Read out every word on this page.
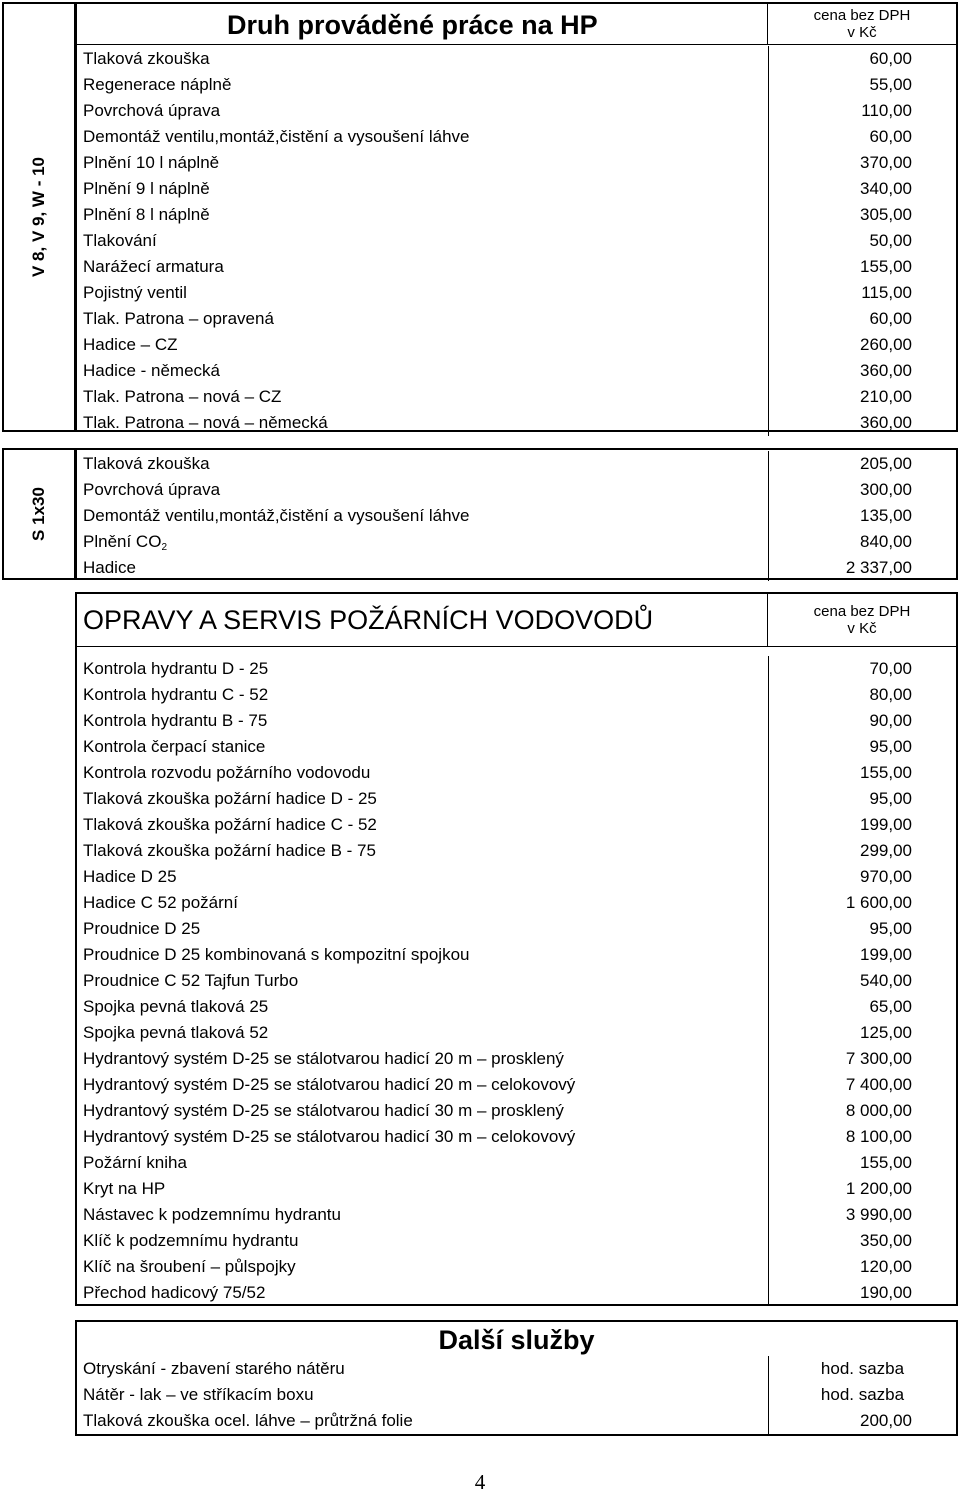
V 8, V 9, W - 10
Druh prováděné práce na HP	cena bez DPH
v Kč
Tlaková zkouška	60,00
Regenerace náplně	55,00
Povrchová úprava	110,00
Demontáž ventilu,montáž,čistění a vysoušení láhve	60,00
Plnění 10 l náplně	370,00
Plnění 9 l náplně	340,00
Plnění 8 l náplně	305,00
Tlakování	50,00
Narážecí armatura	155,00
Pojistný ventil	115,00
Tlak. Patrona – opravená	60,00
Hadice – CZ	260,00
Hadice - německá	360,00
Tlak. Patrona – nová – CZ	210,00
Tlak. Patrona – nová – německá	360,00
S 1x30
Tlaková zkouška	205,00
Povrchová úprava	300,00
Demontáž ventilu,montáž,čistění a vysoušení láhve	135,00
Plnění CO2	840,00
Hadice	2 337,00
OPRAVY A SERVIS POŽÁRNÍCH VODOVODŮ	cena bez DPH
v Kč
Kontrola hydrantu D - 25	70,00
Kontrola hydrantu C - 52	80,00
Kontrola hydrantu B - 75	90,00
Kontrola čerpací stanice	95,00
Kontrola rozvodu požárního vodovodu	155,00
Tlaková zkouška požární hadice D - 25	95,00
Tlaková zkouška požární hadice C - 52	199,00
Tlaková zkouška požární hadice B - 75	299,00
Hadice D 25	970,00
Hadice C 52 požární	1 600,00
Proudnice D 25	95,00
Proudnice D 25 kombinovaná s kompozitní spojkou	199,00
Proudnice C 52 Tajfun Turbo	540,00
Spojka pevná tlaková 25	65,00
Spojka pevná tlaková 52	125,00
Hydrantový systém D-25 se stálotvarou hadicí 20 m – prosklený	7 300,00
Hydrantový systém D-25 se stálotvarou hadicí 20 m – celokovový	7 400,00
Hydrantový systém D-25 se stálotvarou hadicí 30 m – prosklený	8 000,00
Hydrantový systém D-25 se stálotvarou hadicí 30 m – celokovový	8 100,00
Požární kniha	155,00
Kryt na HP	1 200,00
Nástavec k podzemnímu hydrantu	3 990,00
Klíč k podzemnímu hydrantu	350,00
Klíč na šroubení – půlspojky	120,00
Přechod hadicový 75/52	190,00
Další služby
Otryskání - zbavení starého nátěru	hod. sazba
Nátěr - lak – ve stříkacím boxu	hod. sazba
Tlaková zkouška ocel. láhve – průtržná folie	200,00
4
